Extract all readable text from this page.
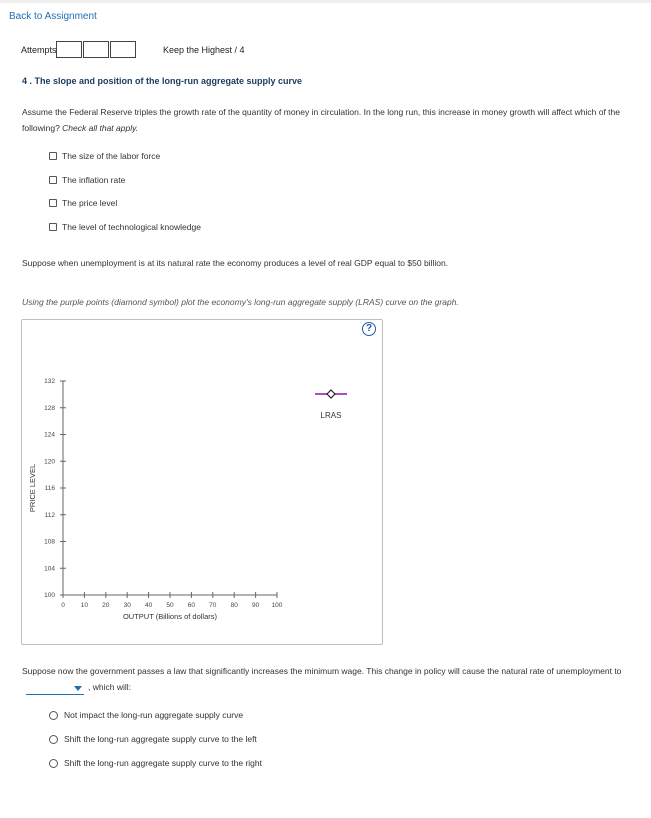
Back to Assignment
Attempts	Keep the Highest / 4
4 . The slope and position of the long-run aggregate supply curve
Assume the Federal Reserve triples the growth rate of the quantity of money in circulation. In the long run, this increase in money growth will affect which of the following? Check all that apply.
The size of the labor force
The inflation rate
The price level
The level of technological knowledge
Suppose when unemployment is at its natural rate the economy produces a level of real GDP equal to $50 billion.
Using the purple points (diamond symbol) plot the economy's long-run aggregate supply (LRAS) curve on the graph.
?
0 10 20 30 40 50 60 70 80 90 100
100
104
108
112
116
120
124
128
132
OUTPUT (Billions of dollars)
PRICE LEVEL
LRAS
Suppose now the government passes a law that significantly increases the minimum wage. This change in policy will cause the natural rate of unemployment to
, which will:
Not impact the long-run aggregate supply curve
Shift the long-run aggregate supply curve to the left
Shift the long-run aggregate supply curve to the right
